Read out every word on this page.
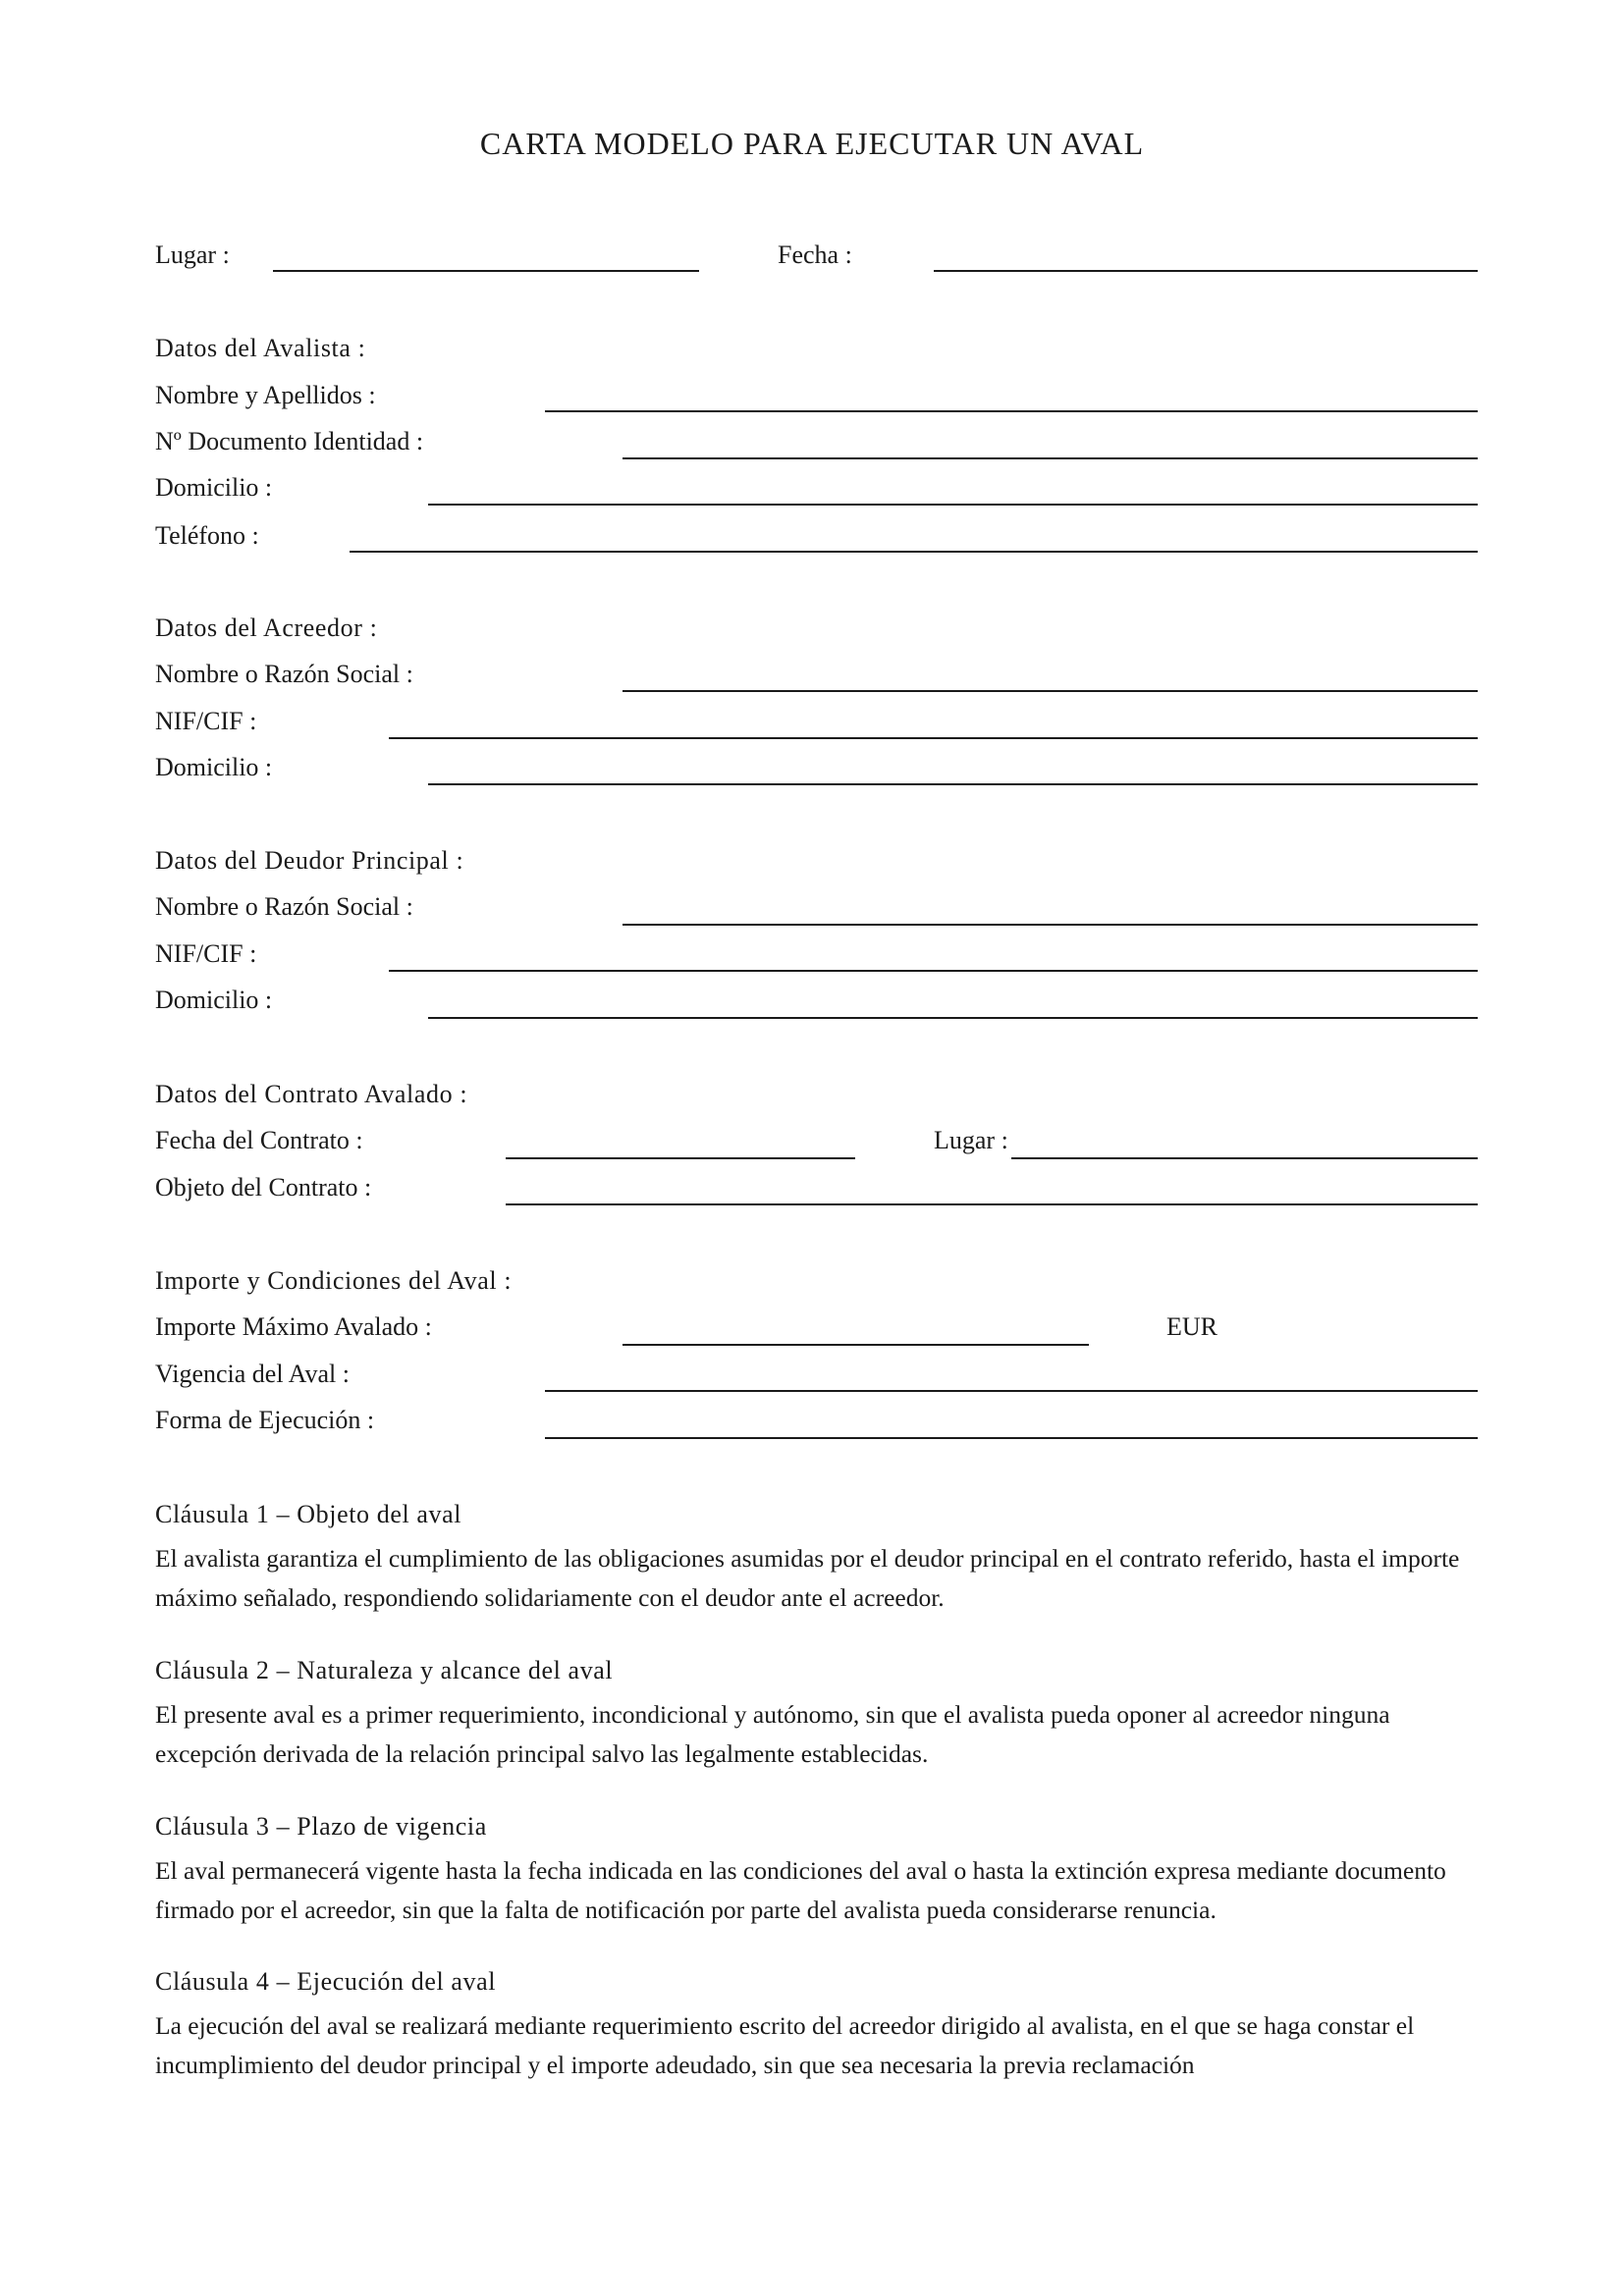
CARTA MODELO PARA EJECUTAR UN AVAL
Lugar :	Fecha :
Datos del Avalista :
Nombre y Apellidos :
Nº Documento Identidad :
Domicilio :
Teléfono :
Datos del Acreedor :
Nombre o Razón Social :
NIF/CIF :
Domicilio :
Datos del Deudor Principal :
Nombre o Razón Social :
NIF/CIF :
Domicilio :
Datos del Contrato Avalado :
Fecha del Contrato :	Lugar :
Objeto del Contrato :
Importe y Condiciones del Aval :
Importe Máximo Avalado :	EUR
Vigencia del Aval :
Forma de Ejecución :
Cláusula 1 – Objeto del aval

El avalista garantiza el cumplimiento de las obligaciones asumidas por el deudor principal en el contrato referido, hasta el importe máximo señalado, respondiendo solidariamente con el deudor ante el acreedor.

Cláusula 2 – Naturaleza y alcance del aval

El presente aval es a primer requerimiento, incondicional y autónomo, sin que el avalista pueda oponer al acreedor ninguna excepción derivada de la relación principal salvo las legalmente establecidas.

Cláusula 3 – Plazo de vigencia

El aval permanecerá vigente hasta la fecha indicada en las condiciones del aval o hasta la extinción expresa mediante documento firmado por el acreedor, sin que la falta de notificación por parte del avalista pueda considerarse renuncia.

Cláusula 4 – Ejecución del aval

La ejecución del aval se realizará mediante requerimiento escrito del acreedor dirigido al avalista, en el que se haga constar el incumplimiento del deudor principal y el importe adeudado, sin que sea necesaria la previa reclamación
